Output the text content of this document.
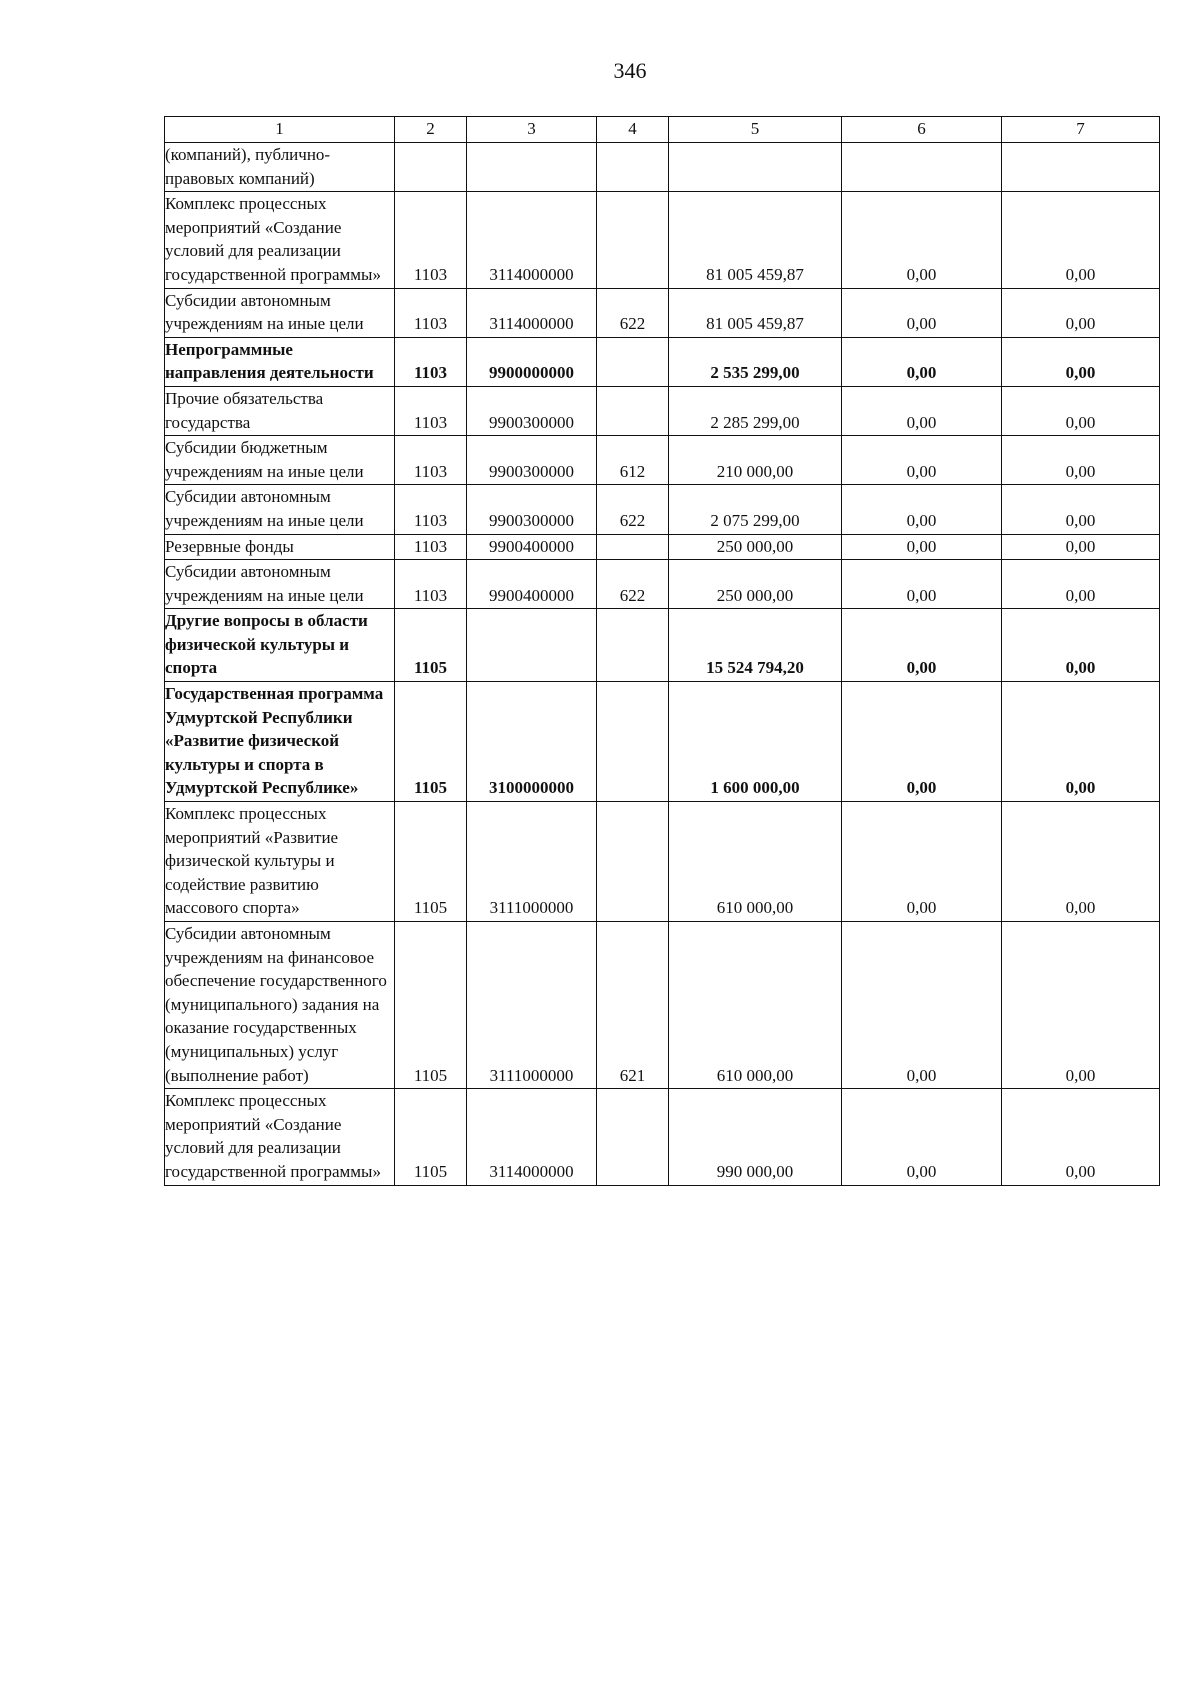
346
1	2	3	4	5	6	7
(компаний), публично-правовых компаний)						
Комплекс процессных мероприятий «Создание условий для реализации государственной программы»	1103	3114000000		81 005 459,87	0,00	0,00
Субсидии автономным учреждениям на иные цели	1103	3114000000	622	81 005 459,87	0,00	0,00
Непрограммные направления деятельности	1103	9900000000		2 535 299,00	0,00	0,00
Прочие обязательства государства	1103	9900300000		2 285 299,00	0,00	0,00
Субсидии бюджетным учреждениям на иные цели	1103	9900300000	612	210 000,00	0,00	0,00
Субсидии автономным учреждениям на иные цели	1103	9900300000	622	2 075 299,00	0,00	0,00
Резервные фонды	1103	9900400000		250 000,00	0,00	0,00
Субсидии автономным учреждениям на иные цели	1103	9900400000	622	250 000,00	0,00	0,00
Другие вопросы в области физической культуры и спорта	1105			15 524 794,20	0,00	0,00
Государственная программа Удмуртской Республики «Развитие физической культуры и спорта в Удмуртской Республике»	1105	3100000000		1 600 000,00	0,00	0,00
Комплекс процессных мероприятий «Развитие физической культуры и содействие развитию массового спорта»	1105	3111000000		610 000,00	0,00	0,00
Субсидии автономным учреждениям на финансовое обеспечение государственного (муниципального) задания на оказание государственных (муниципальных) услуг (выполнение работ)	1105	3111000000	621	610 000,00	0,00	0,00
Комплекс процессных мероприятий «Создание условий для реализации государственной программы»	1105	3114000000		990 000,00	0,00	0,00
